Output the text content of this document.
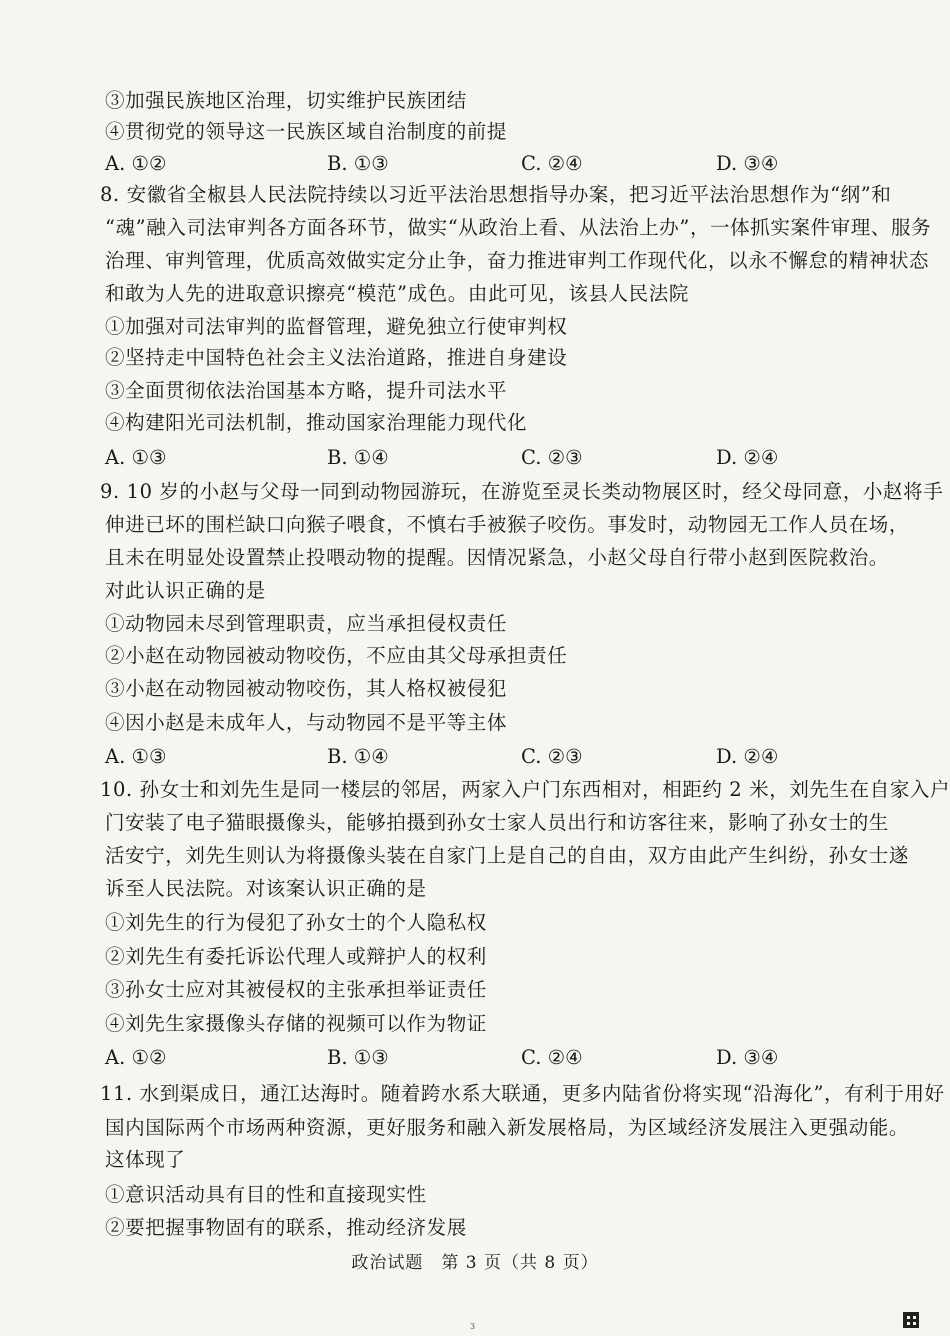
③加强民族地区治理，切实维护民族团结
④贯彻党的领导这一民族区域自治制度的前提
A. ①②	B. ①③	C. ②④	D. ③④
8. 安徽省全椒县人民法院持续以习近平法治思想指导办案，把习近平法治思想作为“纲”和
“魂”融入司法审判各方面各环节，做实“从政治上看、从法治上办”，一体抓实案件审理、服务
治理、审判管理，优质高效做实定分止争，奋力推进审判工作现代化，以永不懈怠的精神状态
和敢为人先的进取意识擦亮“模范”成色。由此可见，该县人民法院
①加强对司法审判的监督管理，避免独立行使审判权
②坚持走中国特色社会主义法治道路，推进自身建设
③全面贯彻依法治国基本方略，提升司法水平
④构建阳光司法机制，推动国家治理能力现代化
A. ①③	B. ①④	C. ②③	D. ②④
9. 10 岁的小赵与父母一同到动物园游玩，在游览至灵长类动物展区时，经父母同意，小赵将手
伸进已坏的围栏缺口向猴子喂食，不慎右手被猴子咬伤。事发时，动物园无工作人员在场，
且未在明显处设置禁止投喂动物的提醒。因情况紧急，小赵父母自行带小赵到医院救治。
对此认识正确的是
①动物园未尽到管理职责，应当承担侵权责任
②小赵在动物园被动物咬伤，不应由其父母承担责任
③小赵在动物园被动物咬伤，其人格权被侵犯
④因小赵是未成年人，与动物园不是平等主体
A. ①③	B. ①④	C. ②③	D. ②④
10. 孙女士和刘先生是同一楼层的邻居，两家入户门东西相对，相距约 2 米，刘先生在自家入户
门安装了电子猫眼摄像头，能够拍摄到孙女士家人员出行和访客往来，影响了孙女士的生
活安宁，刘先生则认为将摄像头装在自家门上是自己的自由，双方由此产生纠纷，孙女士遂
诉至人民法院。对该案认识正确的是
①刘先生的行为侵犯了孙女士的个人隐私权
②刘先生有委托诉讼代理人或辩护人的权利
③孙女士应对其被侵权的主张承担举证责任
④刘先生家摄像头存储的视频可以作为物证
A. ①②	B. ①③	C. ②④	D. ③④
11. 水到渠成日，通江达海时。随着跨水系大联通，更多内陆省份将实现“沿海化”，有利于用好
国内国际两个市场两种资源，更好服务和融入新发展格局，为区域经济发展注入更强动能。
这体现了
①意识活动具有目的性和直接现实性
②要把握事物固有的联系，推动经济发展
政治试题　第 3 页（共 8 页）
3
